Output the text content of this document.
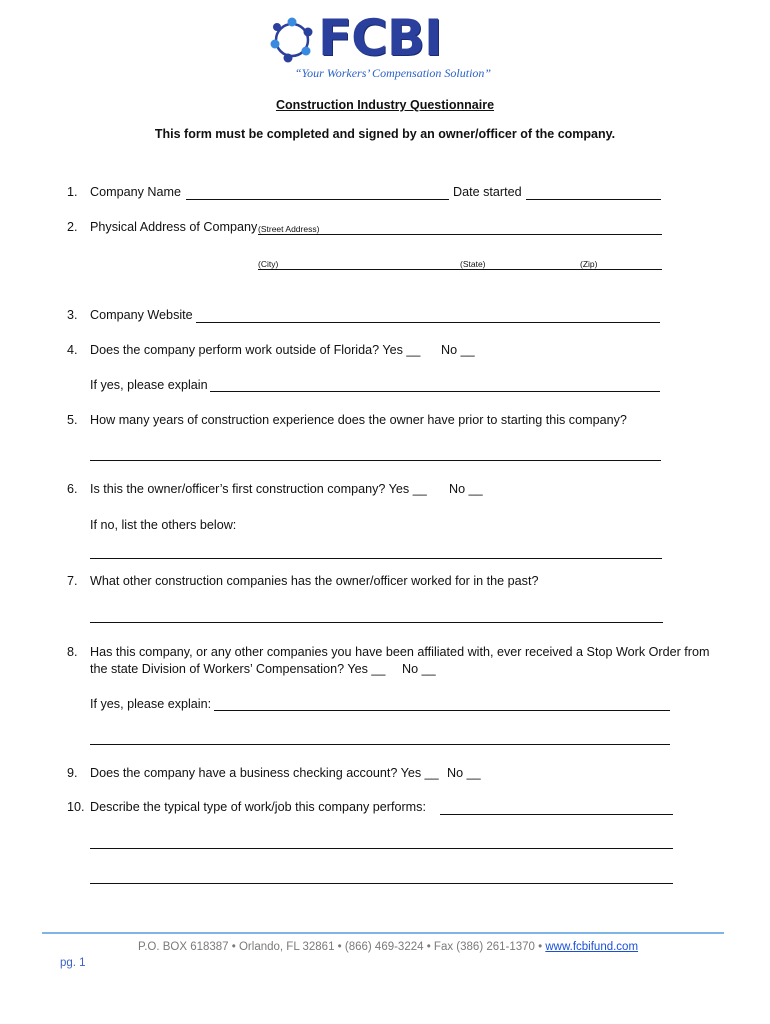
FCBI
“Your Workers’ Compensation Solution”
Construction Industry Questionnaire
This form must be completed and signed by an owner/officer of the company.
1. Company Name	Date started
2. Physical Address of Company (Street Address)
(City)	(State)	(Zip)
3. Company Website
4. Does the company perform work outside of Florida? Yes __ No __
If yes, please explain
5. How many years of construction experience does the owner have prior to starting this company?
6. Is this the owner/officer’s first construction company? Yes __ No __
If no, list the others below:
7. What other construction companies has the owner/officer worked for in the past?
8. Has this company, or any other companies you have been affiliated with, ever received a Stop Work Order from
the state Division of Workers’ Compensation? Yes __ No __
If yes, please explain:
9. Does the company have a business checking account? Yes __ No __
10. Describe the typical type of work/job this company performs:
P.O. BOX 618387 • Orlando, FL 32861 • (866) 469-3224 • Fax (386) 261-1370 • www.fcbifund.com
pg. 1
